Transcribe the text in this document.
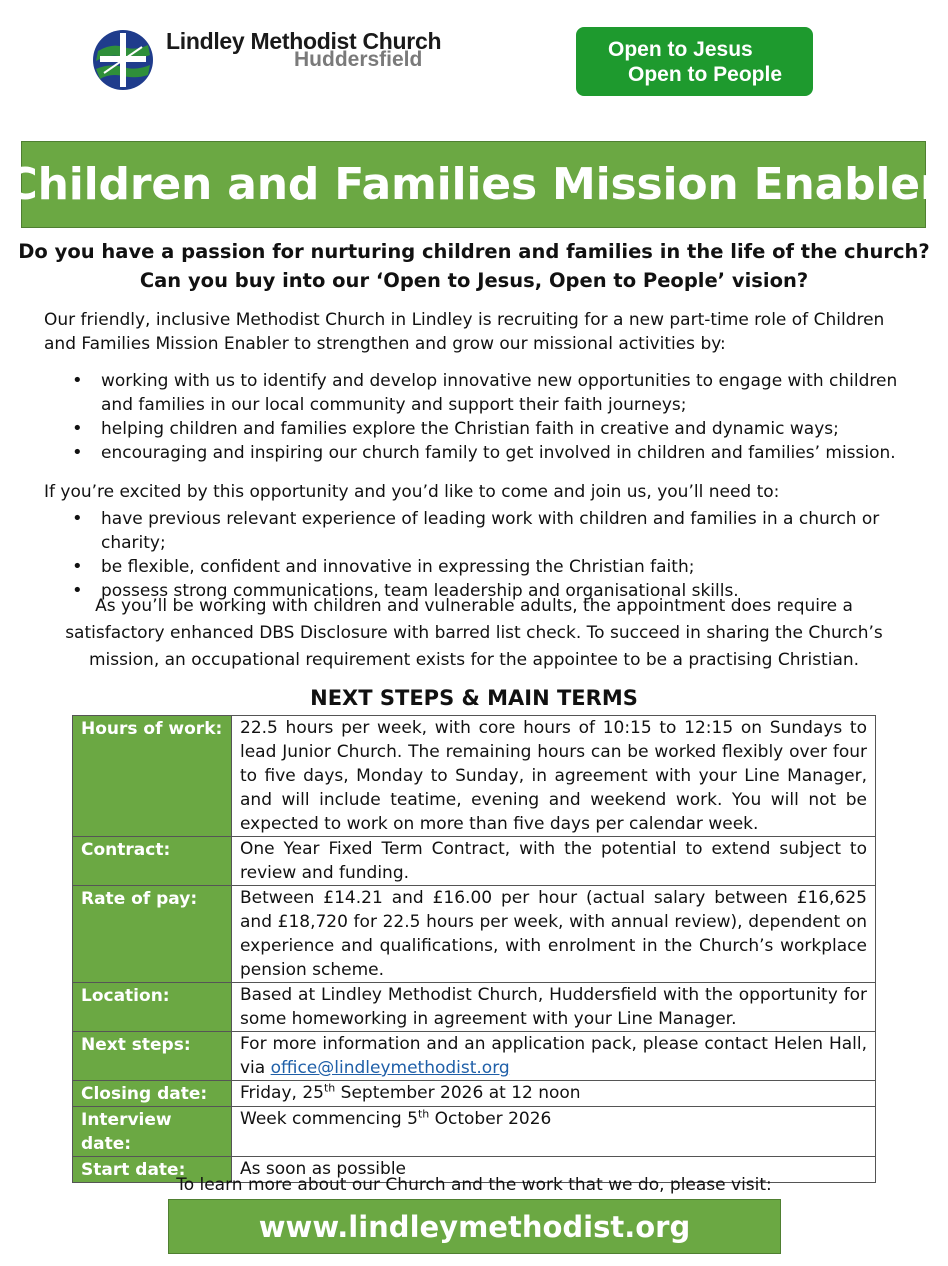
Lindley Methodist Church
Huddersfield	Open to Jesus
Open to People
Children and Families Mission Enabler
Do you have a passion for nurturing children and families in the life of the church?
Can you buy into our ‘Open to Jesus, Open to People’ vision?
Our friendly, inclusive Methodist Church in Lindley is recruiting for a new part-time role of Children and Families Mission Enabler to strengthen and grow our missional activities by:
• working with us to identify and develop innovative new opportunities to engage with children and families in our local community and support their faith journeys;
• helping children and families explore the Christian faith in creative and dynamic ways;
• encouraging and inspiring our church family to get involved in children and families’ mission.
If you’re excited by this opportunity and you’d like to come and join us, you’ll need to:
• have previous relevant experience of leading work with children and families in a church or charity;
• be flexible, confident and innovative in expressing the Christian faith;
• possess strong communications, team leadership and organisational skills.
As you’ll be working with children and vulnerable adults, the appointment does require a satisfactory enhanced DBS Disclosure with barred list check. To succeed in sharing the Church’s mission, an occupational requirement exists for the appointee to be a practising Christian.
NEXT STEPS & MAIN TERMS
Hours of work:	22.5 hours per week, with core hours of 10:15 to 12:15 on Sundays to lead Junior Church. The remaining hours can be worked flexibly over four to five days, Monday to Sunday, in agreement with your Line Manager, and will include teatime, evening and weekend work. You will not be expected to work on more than five days per calendar week.
Contract:	One Year Fixed Term Contract, with the potential to extend subject to review and funding.
Rate of pay:	Between £14.21 and £16.00 per hour (actual salary between £16,625 and £18,720 for 22.5 hours per week, with annual review), dependent on experience and qualifications, with enrolment in the Church’s workplace pension scheme.
Location:	Based at Lindley Methodist Church, Huddersfield with the opportunity for some homeworking in agreement with your Line Manager.
Next steps:	For more information and an application pack, please contact Helen Hall, via office@lindleymethodist.org
Closing date:	Friday, 25th September 2026 at 12 noon
Interview date:	Week commencing 5th October 2026
Start date:	As soon as possible
To learn more about our Church and the work that we do, please visit:
www.lindleymethodist.org
